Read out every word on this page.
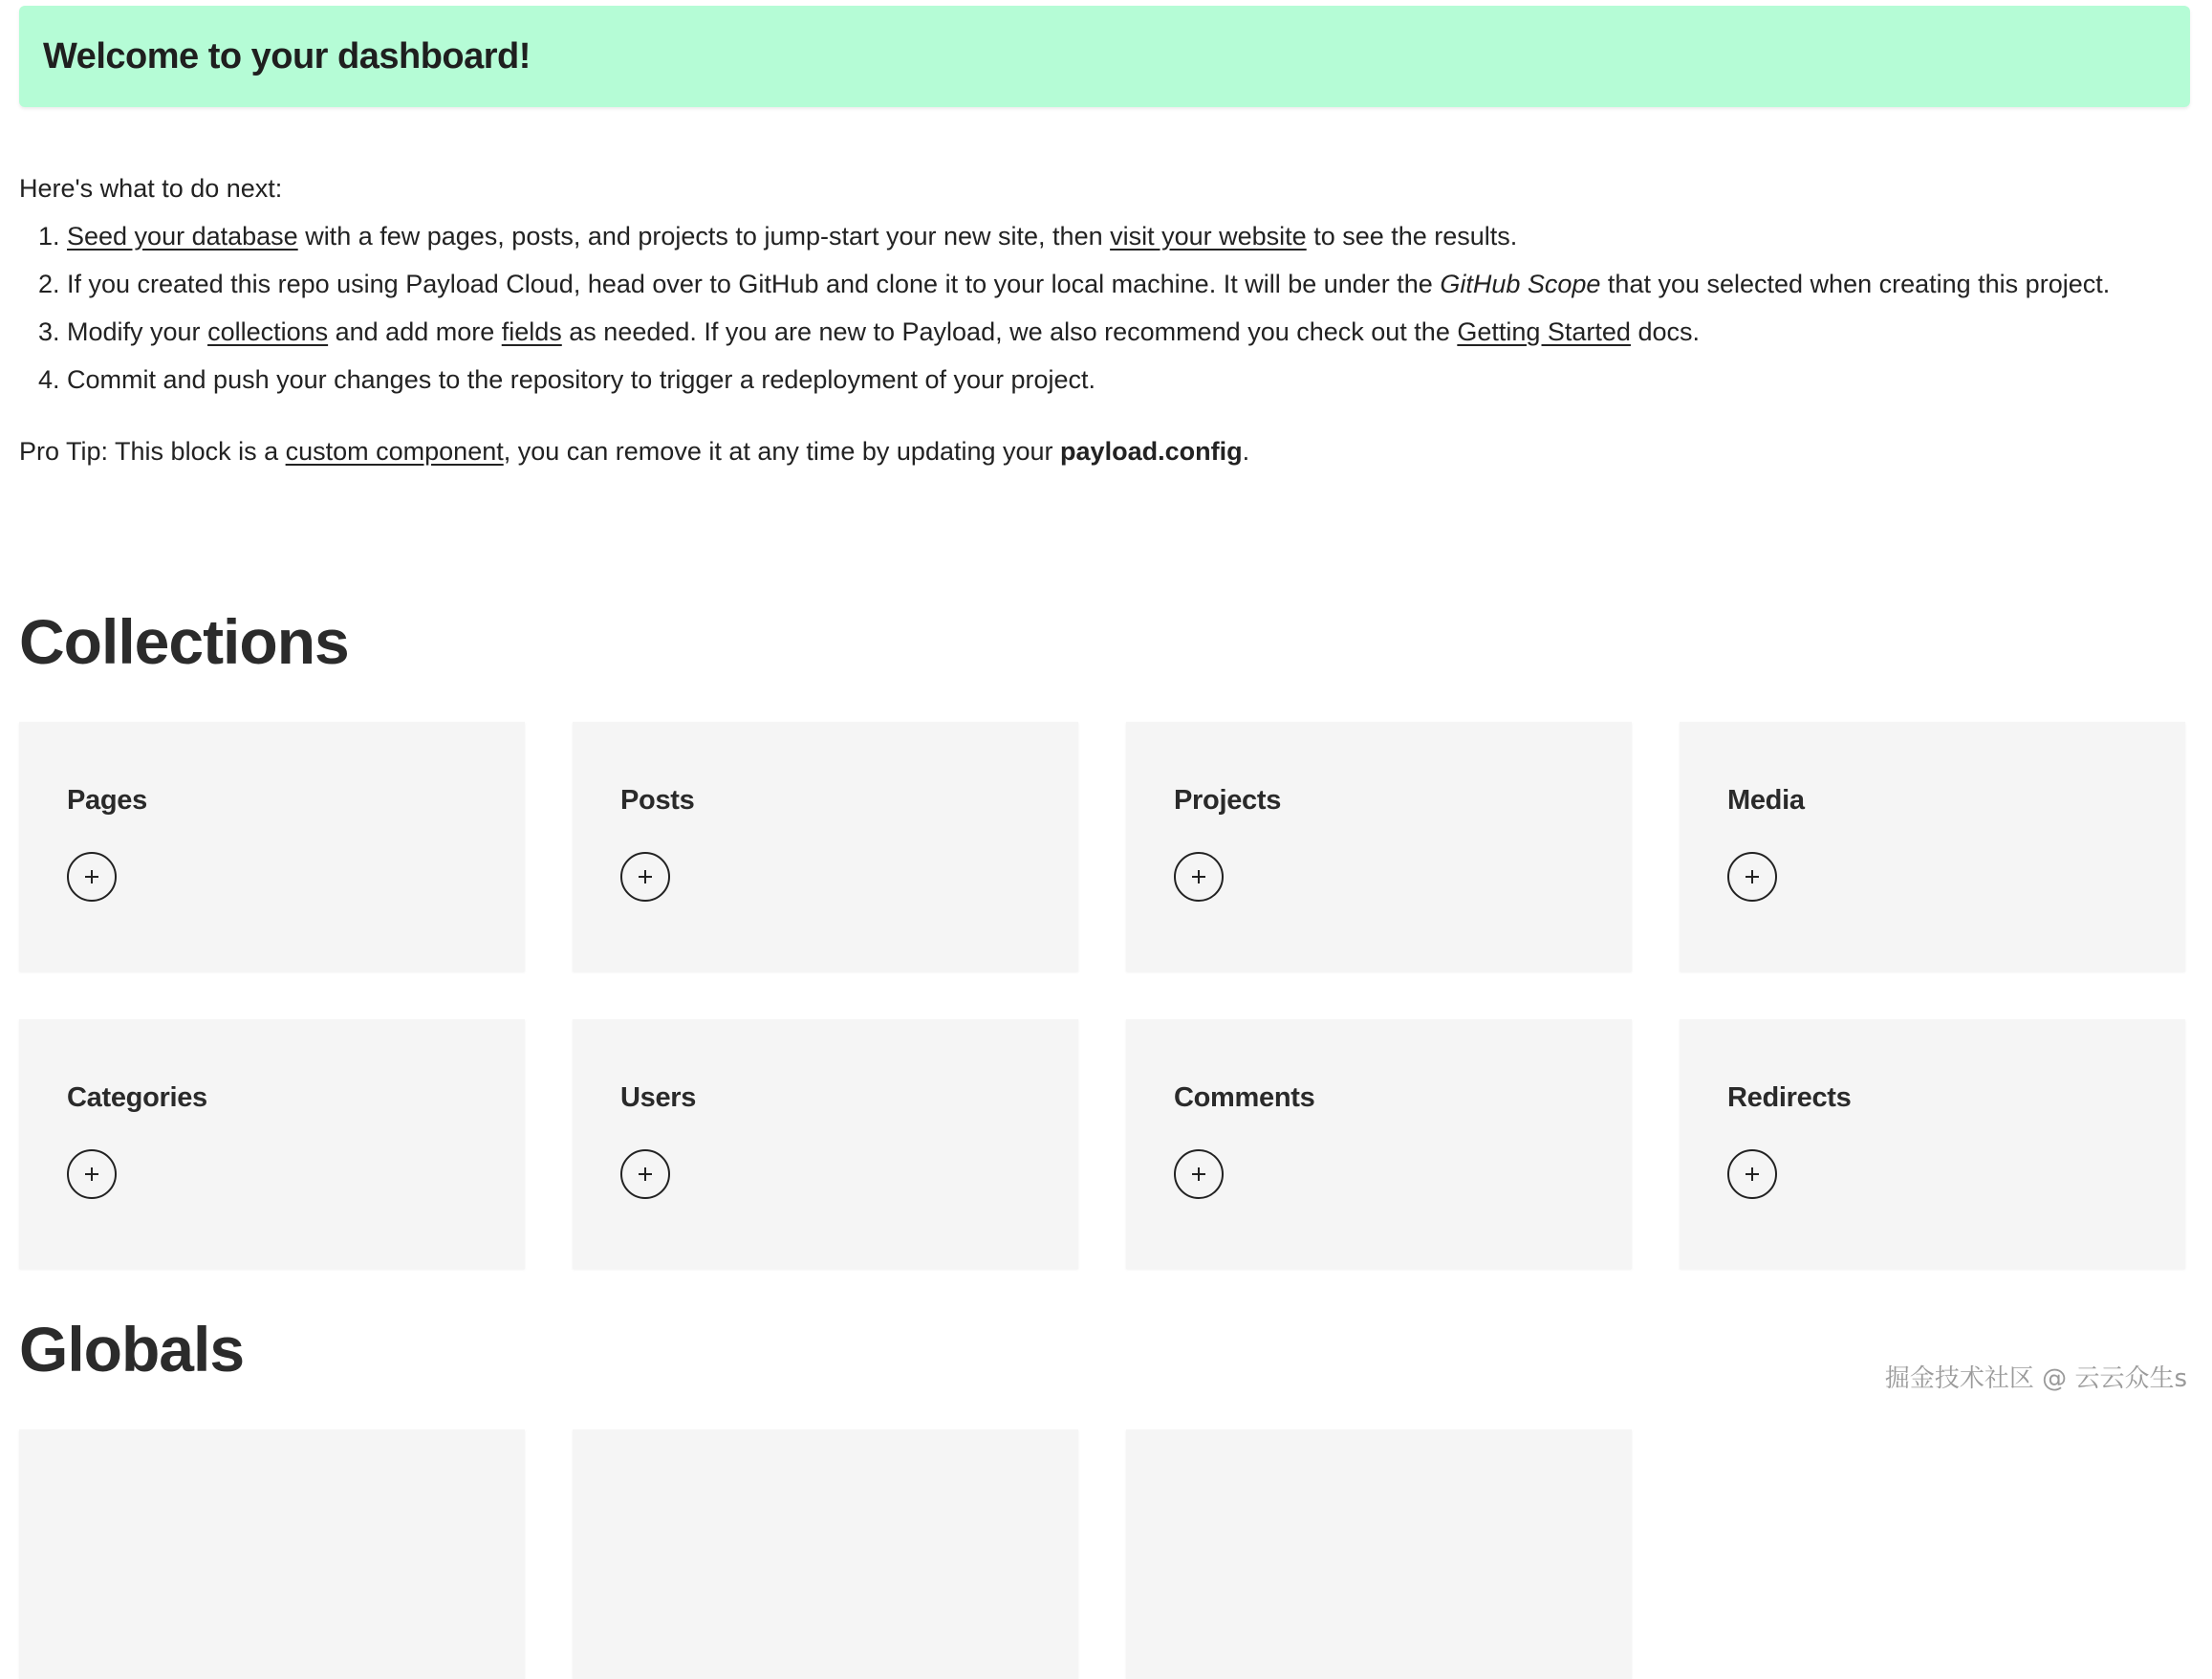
Welcome to your dashboard!

Here's what to do next:

1. Seed your database with a few pages, posts, and projects to jump-start your new site, then visit your website to see the results.
2. If you created this repo using Payload Cloud, head over to GitHub and clone it to your local machine. It will be under the GitHub Scope that you selected when creating this project.
3. Modify your collections and add more fields as needed. If you are new to Payload, we also recommend you check out the Getting Started docs.
4. Commit and push your changes to the repository to trigger a redeployment of your project.

Pro Tip: This block is a custom component, you can remove it at any time by updating your payload.config.

Collections
Pages	Posts	Projects	Media
Categories	Users	Comments	Redirects
Globals	掘金技术社区 @ 云云众生s
